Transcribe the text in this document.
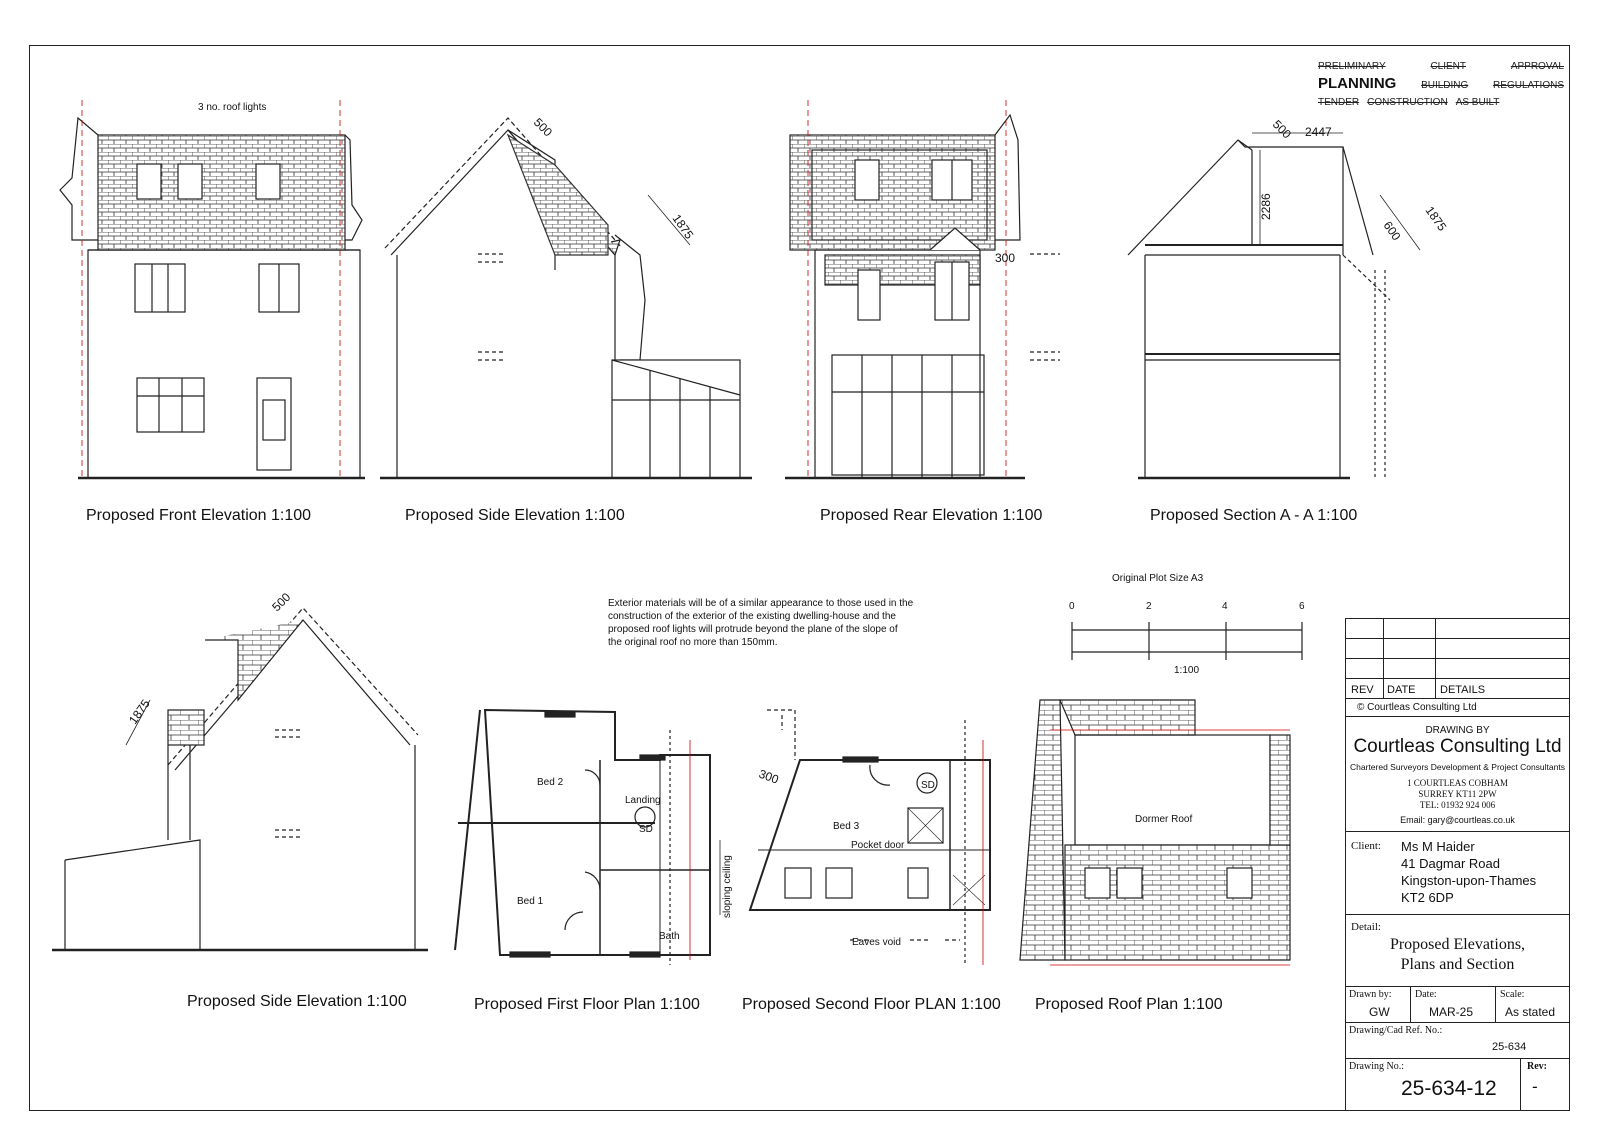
PRELIMINARY	CLIENT	APPROVAL
PLANNING BUILDING REGULATIONS
TENDER CONSTRUCTION AS BUILT
3 no. roof lights
500
1875
300
500 2447
2286
600 1875
500
1875
Bed 2
Landing
SD
Bed 1
Bath
Bed 3
Pocket door
Eaves void
sloping ceiling
300	SD
Dormer Roof
Exterior materials will be of a similar appearance to those used in the
construction of the exterior of the existing dwelling-house and the
proposed roof lights will protrude beyond the plane of the slope of
the original roof no more than 150mm.
Original Plot Size A3
0	2	4	6
1:100
Proposed Front Elevation 1:100	Proposed Side Elevation 1:100	Proposed Rear Elevation 1:100	Proposed Section A - A 1:100
Proposed Side Elevation 1:100	Proposed First Floor Plan 1:100	Proposed Second Floor PLAN 1:100 Proposed Roof Plan 1:100
REV DATE DETAILS
© Courtleas Consulting Ltd
DRAWING BY
Courtleas Consulting Ltd
Chartered Surveyors Development & Project Consultants
1 COURTLEAS COBHAM
SURREY KT11 2PW
TEL: 01932 924 006
Email: gary@courtleas.co.uk
Client: Ms M Haider
41 Dagmar Road
Kingston-upon-Thames
KT2 6DP
Detail:
Proposed Elevations,
Plans and Section
Drawn by:
GW
Date:
MAR-25
Scale:
As stated
Drawing/Cad Ref. No.:
25-634
Drawing No.:
25-634-12
Rev:
-
